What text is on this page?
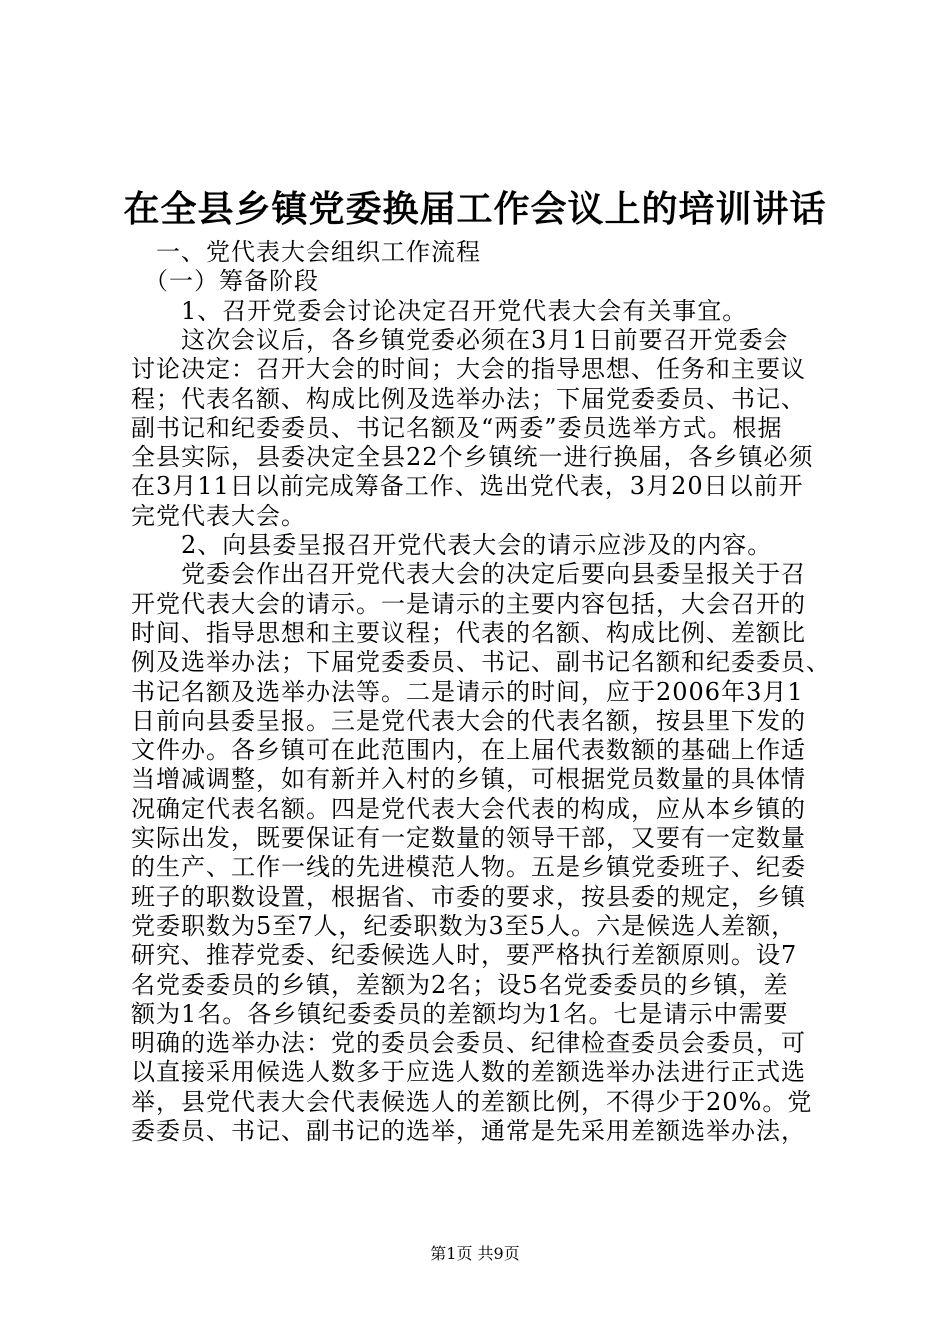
在全县乡镇党委换届工作会议上的培训讲话
　一、党代表大会组织工作流程
　（一）筹备阶段
　　1、召开党委会讨论决定召开党代表大会有关事宜。
　　这次会议后，各乡镇党委必须在3月1日前要召开党委会
讨论决定：召开大会的时间；大会的指导思想、任务和主要议
程；代表名额、构成比例及选举办法；下届党委委员、书记、
副书记和纪委委员、书记名额及“两委”委员选举方式。根据
全县实际，县委决定全县22个乡镇统一进行换届，各乡镇必须
在3月11日以前完成筹备工作、选出党代表，3月20日以前开
完党代表大会。
　　2、向县委呈报召开党代表大会的请示应涉及的内容。
　　党委会作出召开党代表大会的决定后要向县委呈报关于召
开党代表大会的请示。一是请示的主要内容包括，大会召开的
时间、指导思想和主要议程；代表的名额、构成比例、差额比
例及选举办法；下届党委委员、书记、副书记名额和纪委委员、
书记名额及选举办法等。二是请示的时间，应于2006年3月1
日前向县委呈报。三是党代表大会的代表名额，按县里下发的
文件办。各乡镇可在此范围内，在上届代表数额的基础上作适
当增减调整，如有新并入村的乡镇，可根据党员数量的具体情
况确定代表名额。四是党代表大会代表的构成，应从本乡镇的
实际出发，既要保证有一定数量的领导干部，又要有一定数量
的生产、工作一线的先进模范人物。五是乡镇党委班子、纪委
班子的职数设置，根据省、市委的要求，按县委的规定，乡镇
党委职数为5至7人，纪委职数为3至5人。六是候选人差额，
研究、推荐党委、纪委候选人时，要严格执行差额原则。设7
名党委委员的乡镇，差额为2名；设5名党委委员的乡镇，差
额为1名。各乡镇纪委委员的差额均为1名。七是请示中需要
明确的选举办法：党的委员会委员、纪律检查委员会委员，可
以直接采用候选人数多于应选人数的差额选举办法进行正式选
举，县党代表大会代表候选人的差额比例，不得少于20%。党
委委员、书记、副书记的选举，通常是先采用差额选举办法，
第1页 共9页
